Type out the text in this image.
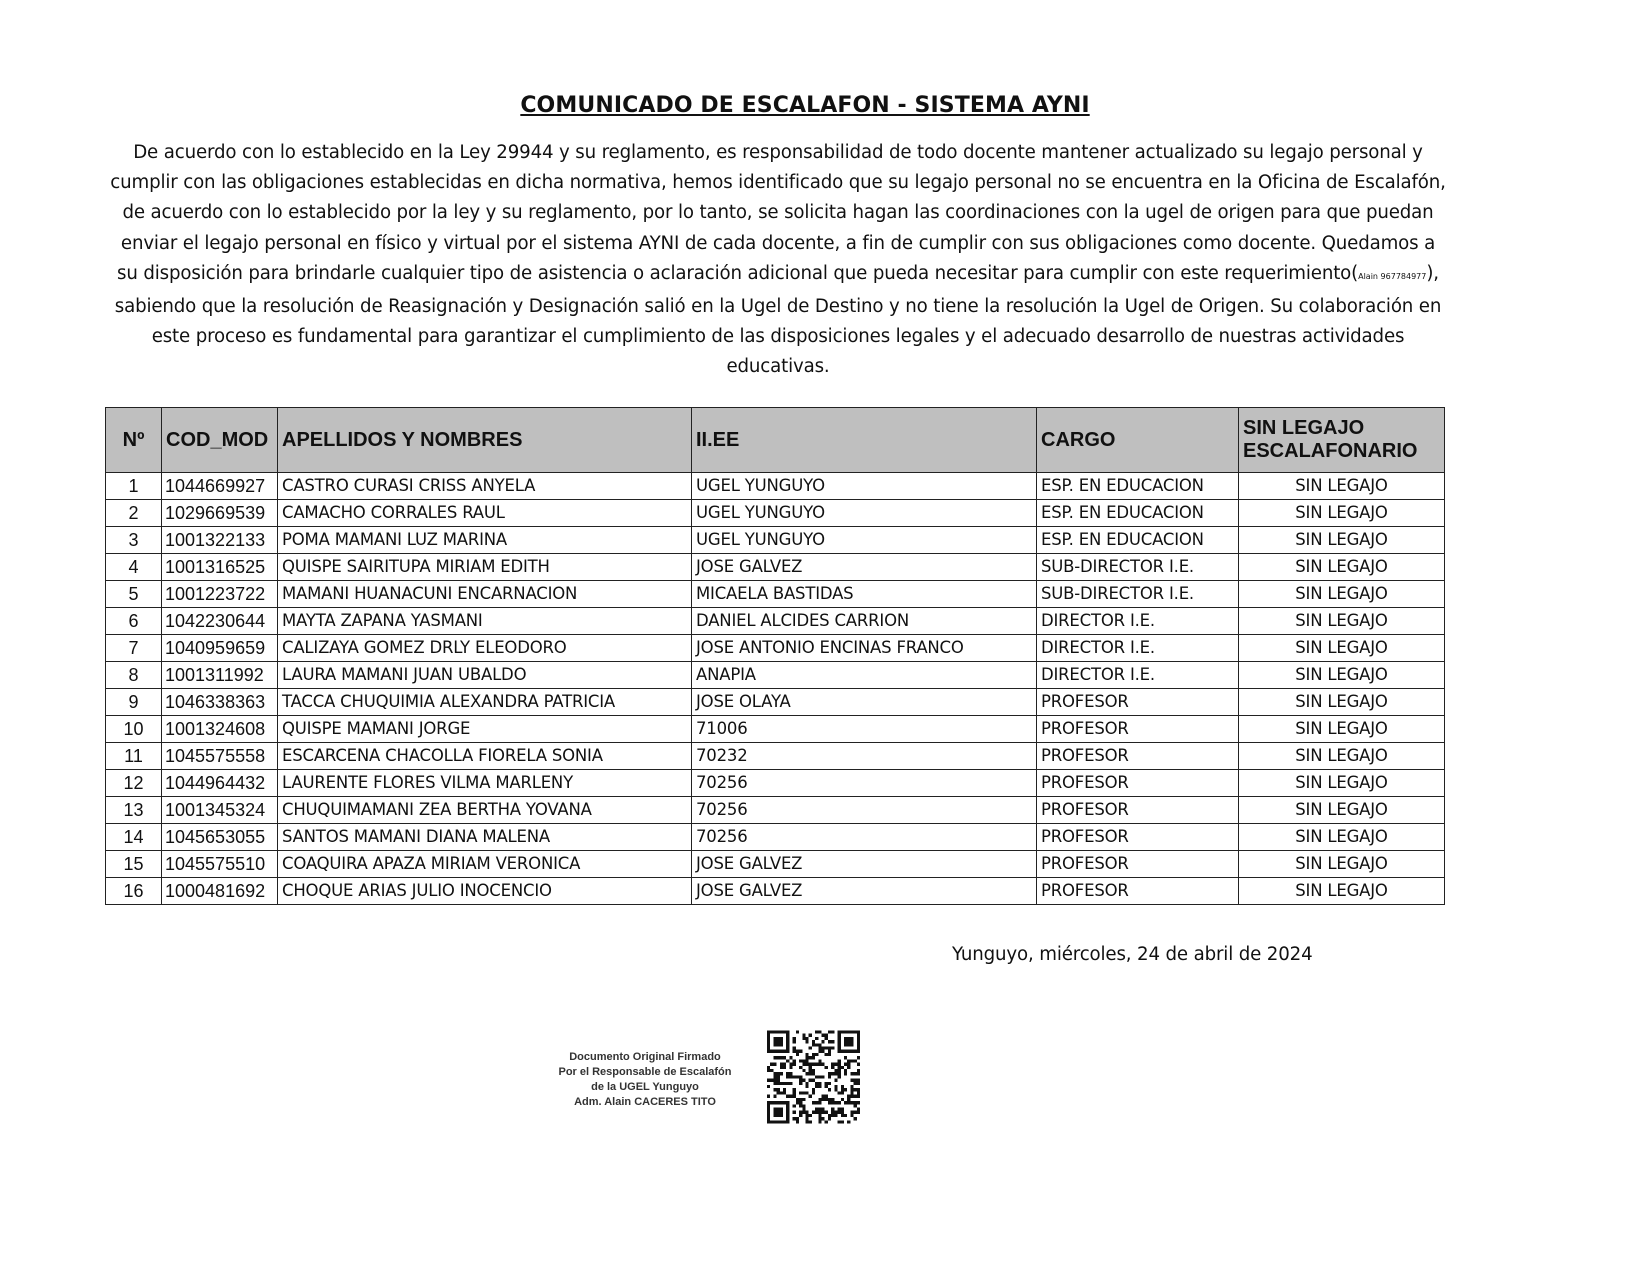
COMUNICADO DE ESCALAFON - SISTEMA AYNI
De acuerdo con lo establecido en la Ley 29944 y su reglamento, es responsabilidad de todo docente mantener actualizado su legajo personal y cumplir con las obligaciones establecidas en dicha normativa, hemos identificado que su legajo personal no se encuentra en la Oficina de Escalafón, de acuerdo con lo establecido por la ley y su reglamento, por lo tanto, se solicita hagan las coordinaciones con la ugel de origen para que puedan enviar el legajo personal en físico y virtual por el sistema AYNI de cada docente, a fin de cumplir con sus obligaciones como docente. Quedamos a su disposición para brindarle cualquier tipo de asistencia o aclaración adicional que pueda necesitar para cumplir con este requerimiento(Alain 967784977), sabiendo que la resolución de Reasignación y Designación salió en la Ugel de Destino y no tiene la resolución la Ugel de Origen. Su colaboración en este proceso es fundamental para garantizar el cumplimiento de las disposiciones legales y el adecuado desarrollo de nuestras actividades educativas.
Nº	COD_MOD	APELLIDOS Y NOMBRES	II.EE	CARGO	SIN LEGAJO
ESCALAFONARIO

1	1044669927	CASTRO CURASI CRISS ANYELA	UGEL YUNGUYO	ESP. EN EDUCACION	SIN LEGAJO
2	1029669539	CAMACHO CORRALES RAUL	UGEL YUNGUYO	ESP. EN EDUCACION	SIN LEGAJO
3	1001322133	POMA MAMANI LUZ MARINA	UGEL YUNGUYO	ESP. EN EDUCACION	SIN LEGAJO
4	1001316525	QUISPE SAIRITUPA MIRIAM EDITH	JOSE GALVEZ	SUB-DIRECTOR I.E.	SIN LEGAJO
5	1001223722	MAMANI HUANACUNI ENCARNACION	MICAELA BASTIDAS	SUB-DIRECTOR I.E.	SIN LEGAJO
6	1042230644	MAYTA ZAPANA YASMANI	DANIEL ALCIDES CARRION	DIRECTOR I.E.	SIN LEGAJO
7	1040959659	CALIZAYA GOMEZ DRLY ELEODORO	JOSE ANTONIO ENCINAS FRANCO	DIRECTOR I.E.	SIN LEGAJO
8	1001311992	LAURA MAMANI JUAN UBALDO	ANAPIA	DIRECTOR I.E.	SIN LEGAJO
9	1046338363	TACCA CHUQUIMIA ALEXANDRA PATRICIA	JOSE OLAYA	PROFESOR	SIN LEGAJO
10	1001324608	QUISPE MAMANI JORGE	71006	PROFESOR	SIN LEGAJO
11	1045575558	ESCARCENA CHACOLLA FIORELA SONIA	70232	PROFESOR	SIN LEGAJO
12	1044964432	LAURENTE FLORES VILMA MARLENY	70256	PROFESOR	SIN LEGAJO
13	1001345324	CHUQUIMAMANI ZEA BERTHA YOVANA	70256	PROFESOR	SIN LEGAJO
14	1045653055	SANTOS MAMANI DIANA MALENA	70256	PROFESOR	SIN LEGAJO
15	1045575510	COAQUIRA APAZA MIRIAM VERONICA	JOSE GALVEZ	PROFESOR	SIN LEGAJO
16	1000481692	CHOQUE ARIAS JULIO INOCENCIO	JOSE GALVEZ	PROFESOR	SIN LEGAJO
Yunguyo, miércoles, 24 de abril de 2024
Documento Original Firmado
Por el Responsable de Escalafón
de la UGEL Yunguyo
Adm. Alain CACERES TITO
